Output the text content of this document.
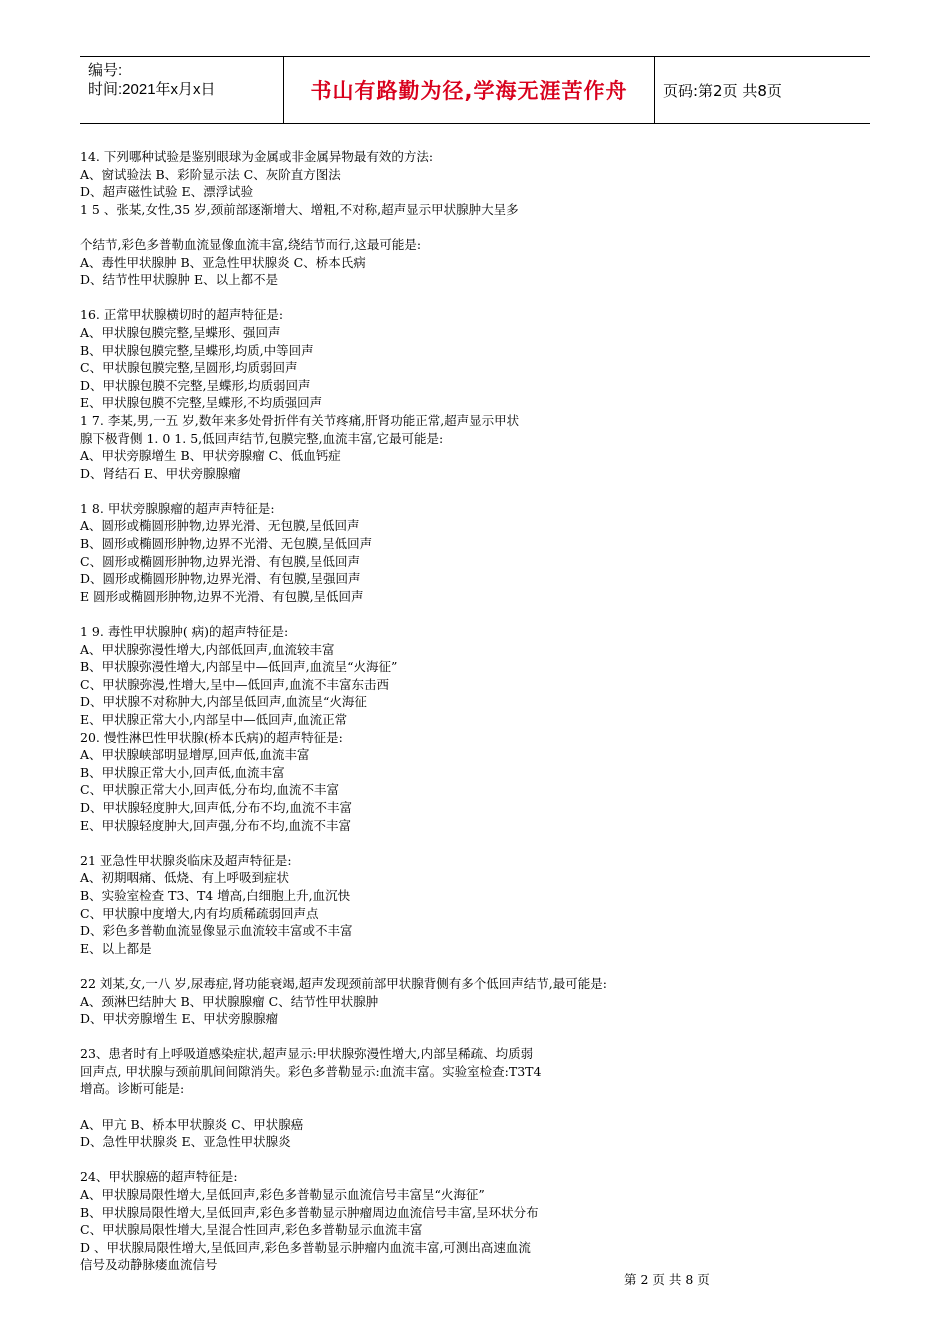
编号:
时间:2021年x月x日	书山有路勤为径,学海无涯苦作舟	页码:第2页 共8页
14. 下列哪种试验是鉴别眼球为金属或非金属异物最有效的方法:
A、窗试验法 B、彩阶显示法 C、灰阶直方图法
D、超声磁性试验 E、漂浮试验
1 5 、张某,女性,35 岁,颈前部逐渐增大、增粗,不对称,超声显示甲状腺肿大呈多
个结节,彩色多普勒血流显像血流丰富,绕结节而行,这最可能是:
A、毒性甲状腺肿 B、亚急性甲状腺炎 C、桥本氏病
D、结节性甲状腺肿 E、以上都不是
16. 正常甲状腺横切时的超声特征是:
A、甲状腺包膜完整,呈蝶形、强回声
B、甲状腺包膜完整,呈蝶形,均质,中等回声
C、甲状腺包膜完整,呈圆形,均质弱回声
D、甲状腺包膜不完整,呈蝶形,均质弱回声
E、甲状腺包膜不完整,呈蝶形,不均质强回声
1 7. 李某,男,一五 岁,数年来多处骨折伴有关节疼痛,肝肾功能正常,超声显示甲状
腺下极背侧 1. 0 1. 5,低回声结节,包膜完整,血流丰富,它最可能是:
A、甲状旁腺增生 B、甲状旁腺瘤 C、低血钙症
D、肾结石 E、甲状旁腺腺瘤
1 8. 甲状旁腺腺瘤的超声声特征是:
A、圆形或椭圆形肿物,边界光滑、无包膜,呈低回声
B、圆形或椭圆形肿物,边界不光滑、无包膜,呈低回声
C、圆形或椭圆形肿物,边界光滑、有包膜,呈低回声
D、圆形或椭圆形肿物,边界光滑、有包膜,呈强回声
E 圆形或椭圆形肿物,边界不光滑、有包膜,呈低回声
1 9. 毒性甲状腺肿( 病)的超声特征是:
A、甲状腺弥漫性增大,内部低回声,血流较丰富
B、甲状腺弥漫性增大,内部呈中—低回声,血流呈“火海征”
C、甲状腺弥漫,性增大,呈中—低回声,血流不丰富东击西
D、甲状腺不对称肿大,内部呈低回声,血流呈“火海征
E、甲状腺正常大小,内部呈中—低回声,血流正常
20. 慢性淋巴性甲状腺(桥本氏病)的超声特征是:
A、甲状腺峡部明显增厚,回声低,血流丰富
B、甲状腺正常大小,回声低,血流丰富
C、甲状腺正常大小,回声低,分布均,血流不丰富
D、甲状腺轻度肿大,回声低,分布不均,血流不丰富
E、甲状腺轻度肿大,回声强,分布不均,血流不丰富
21 亚急性甲状腺炎临床及超声特征是:
A、初期咽痛、低烧、有上呼吸到症状
B、实验室检查 T3、T4 增高,白细胞上升,血沉快
C、甲状腺中度增大,内有均质稀疏弱回声点
D、彩色多普勒血流显像显示血流较丰富或不丰富
E、以上都是
22 刘某,女,一八 岁,尿毒症,肾功能衰竭,超声发现颈前部甲状腺背侧有多个低回声结节,最可能是:
A、颈淋巴结肿大 B、甲状腺腺瘤 C、结节性甲状腺肿
D、甲状旁腺增生 E、甲状旁腺腺瘤
23、患者时有上呼吸道感染症状,超声显示:甲状腺弥漫性增大,内部呈稀疏、均质弱
回声点, 甲状腺与颈前肌间间隙消失。彩色多普勒显示:血流丰富。实验室检查:T3T4
增高。诊断可能是:
A、甲亢 B、桥本甲状腺炎 C、甲状腺癌
D、急性甲状腺炎 E、亚急性甲状腺炎
24、甲状腺癌的超声特征是:
A、甲状腺局限性增大,呈低回声,彩色多普勒显示血流信号丰富呈“火海征”
B、甲状腺局限性增大,呈低回声,彩色多普勒显示肿瘤周边血流信号丰富,呈环状分布
C、甲状腺局限性增大,呈混合性回声,彩色多普勒显示血流丰富
D 、甲状腺局限性增大,呈低回声,彩色多普勒显示肿瘤内血流丰富,可测出高速血流
信号及动静脉瘘血流信号
第 2 页 共 8 页
